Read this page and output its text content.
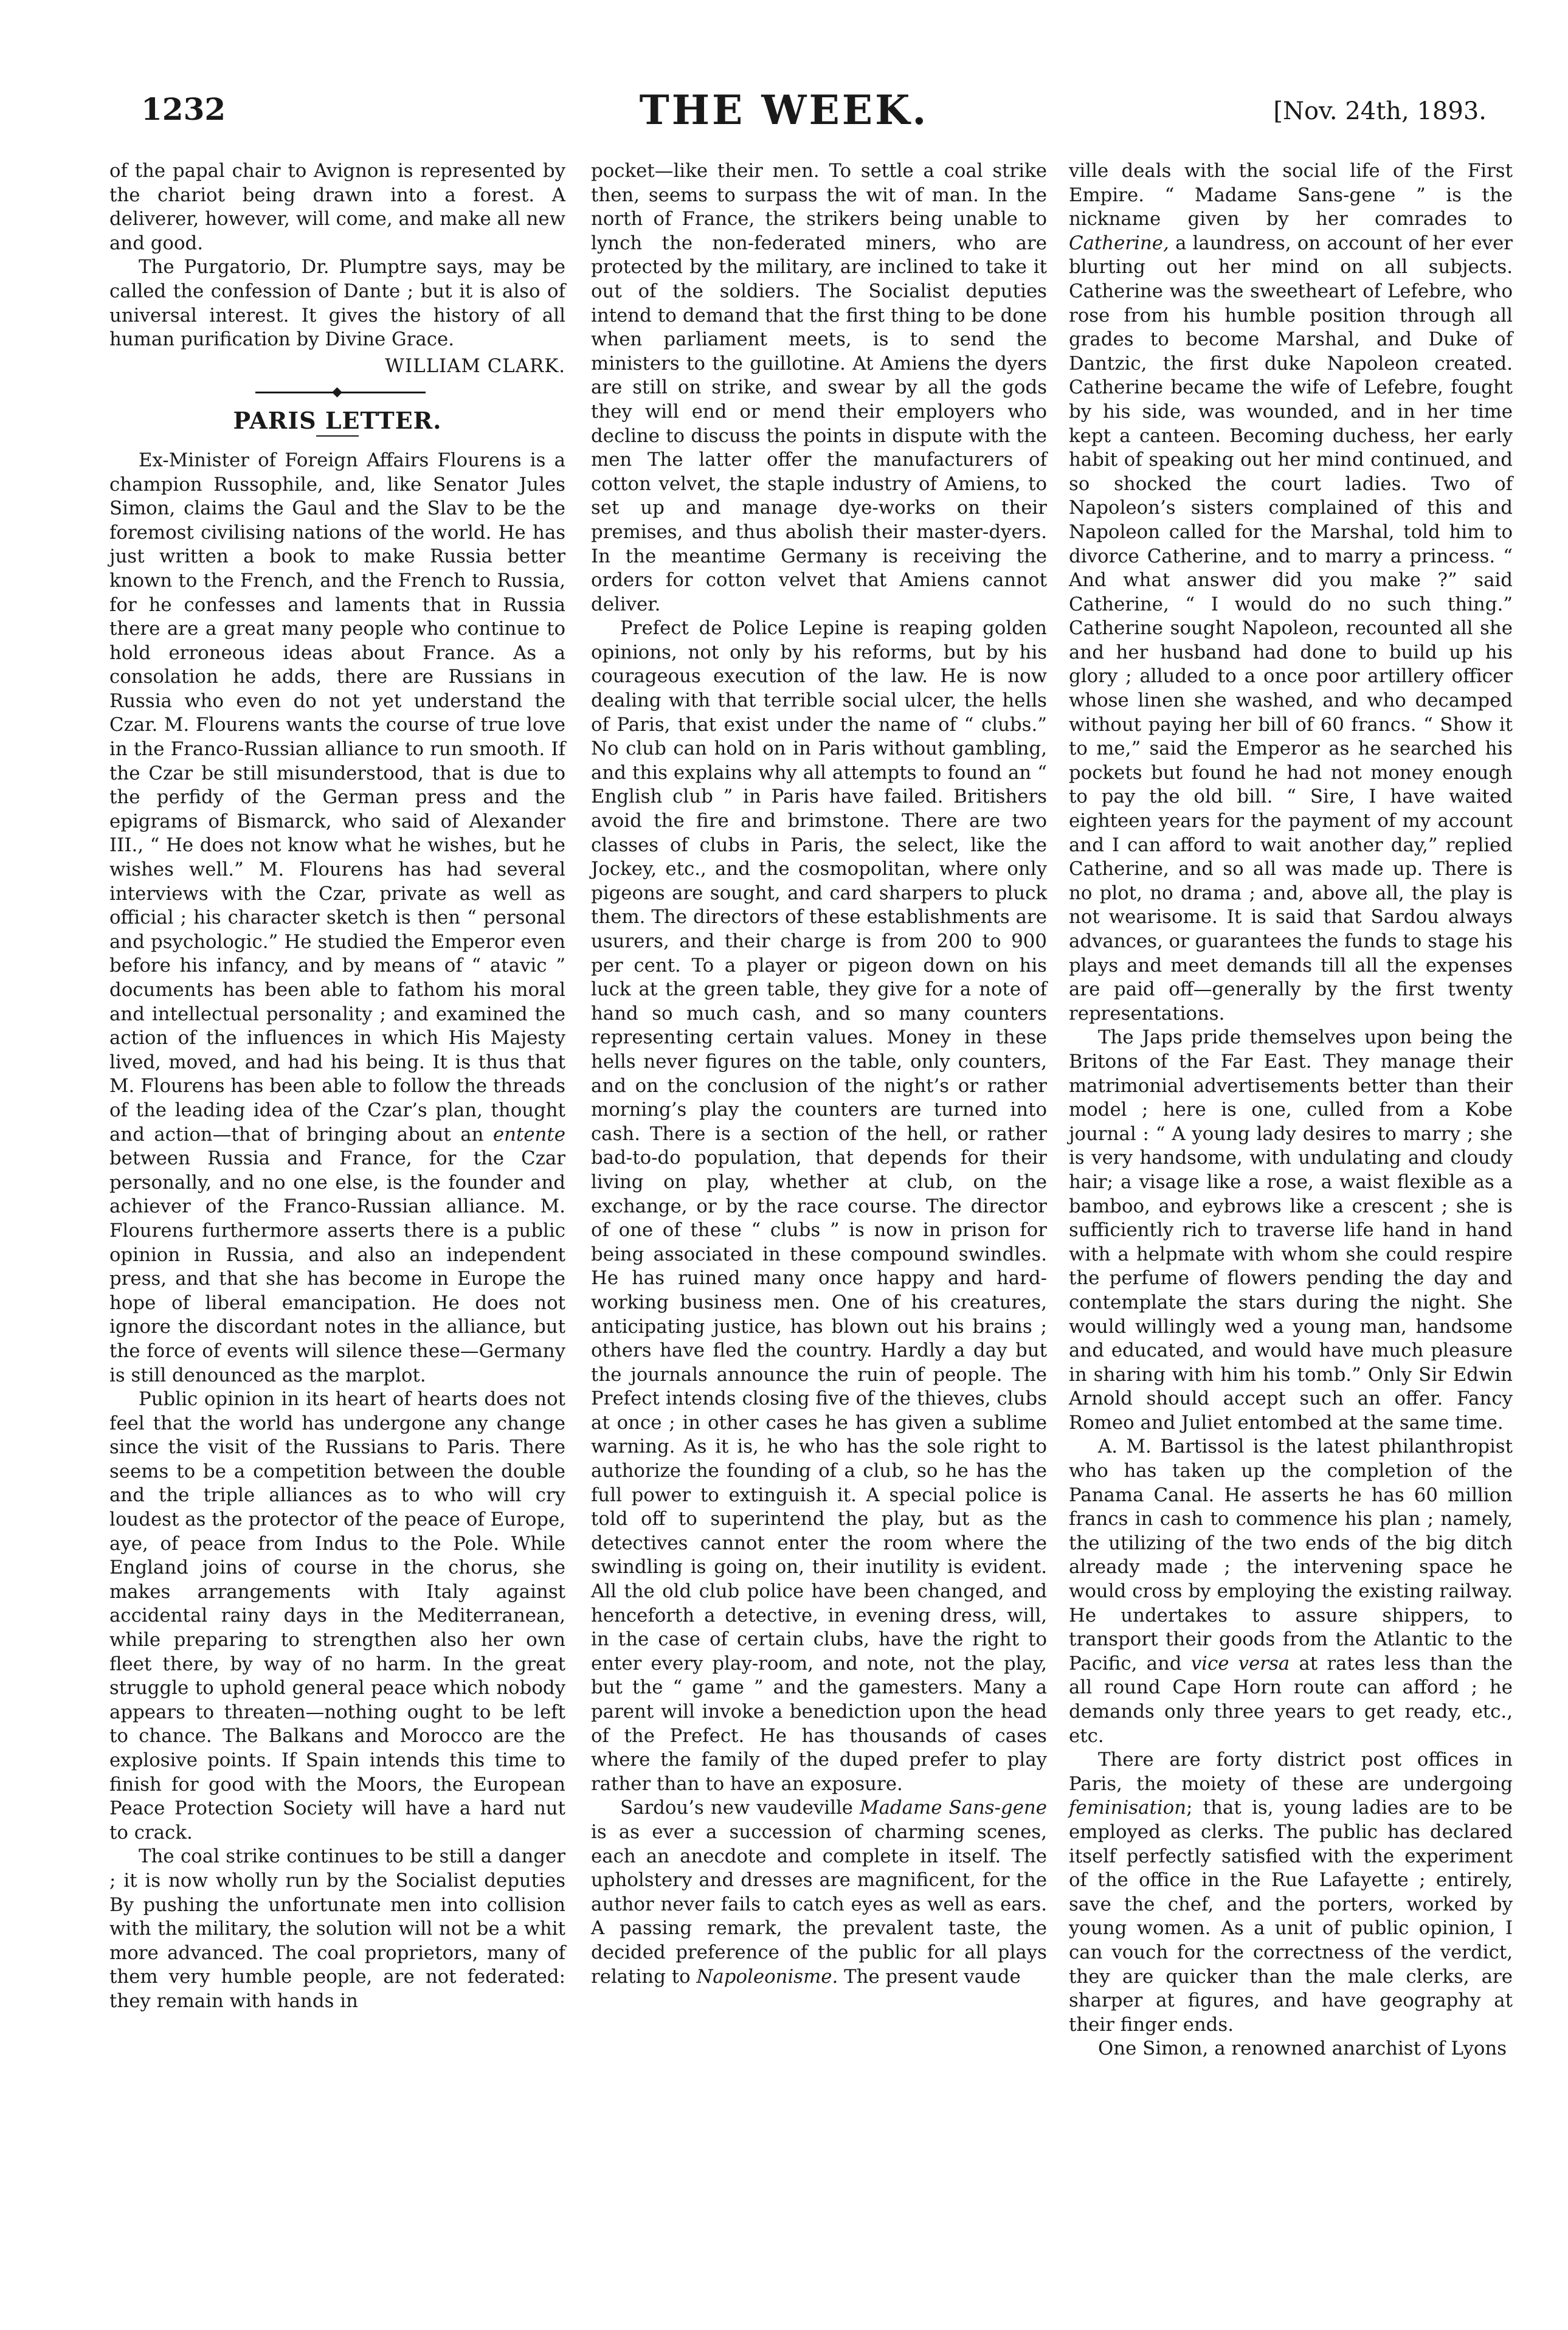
1232	THE WEEK.	[Nov. 24th, 1893.

of the papal chair to Avignon is represented by the chariot being drawn into a forest. A deliverer, however, will come, and make all new and good.

The Purgatorio, Dr. Plumptre says, may be called the confession of Dante ; but it is also of universal interest. It gives the history of all human purification by Divine Grace.

WILLIAM CLARK.

◆
PARIS LETTER.

Ex-Minister of Foreign Affairs Flourens is a champion Russophile, and, like Senator Jules Simon, claims the Gaul and the Slav to be the foremost civilising nations of the world. He has just written a book to make Russia better known to the French, and the French to Russia, for he confesses and laments that in Russia there are a great many people who continue to hold erroneous ideas about France. As a consolation he adds, there are Russians in Russia who even do not yet understand the Czar. M. Flourens wants the course of true love in the Franco-Russian alliance to run smooth. If the Czar be still misunderstood, that is due to the perfidy of the German press and the epigrams of Bismarck, who said of Alexander III., “ He does not know what he wishes, but he wishes well.” M. Flourens has had several interviews with the Czar, private as well as official ; his character sketch is then “ personal and psychologic.” He studied the Emperor even before his infancy, and by means of “ atavic ” documents has been able to fathom his moral and intellectual personality ; and examined the action of the influences in which His Majesty lived, moved, and had his being. It is thus that M. Flourens has been able to follow the threads of the leading idea of the Czar’s plan, thought and action—that of bringing about an entente between Russia and France, for the Czar personally, and no one else, is the founder and achiever of the Franco-Russian alliance. M. Flourens furthermore asserts there is a public opinion in Russia, and also an independent press, and that she has become in Europe the hope of liberal emancipation. He does not ignore the discordant notes in the alliance, but the force of events will silence these—Germany is still denounced as the marplot.

Public opinion in its heart of hearts does not feel that the world has undergone any change since the visit of the Russians to Paris. There seems to be a competition between the double and the triple alliances as to who will cry loudest as the protector of the peace of Europe, aye, of peace from Indus to the Pole. While England joins of course in the chorus, she makes arrangements with Italy against accidental rainy days in the Mediterranean, while preparing to strengthen also her own fleet there, by way of no harm. In the great struggle to uphold general peace which nobody appears to threaten—nothing ought to be left to chance. The Balkans and Morocco are the explosive points. If Spain intends this time to finish for good with the Moors, the European Peace Protection Society will have a hard nut to crack.

The coal strike continues to be still a danger ; it is now wholly run by the Socialist deputies By pushing the unfortunate men into collision with the military, the solution will not be a whit more advanced. The coal proprietors, many of them very humble people, are not federated: they remain with hands in

pocket—like their men. To settle a coal strike then, seems to surpass the wit of man. In the north of France, the strikers being unable to lynch the non-federated miners, who are protected by the military, are inclined to take it out of the soldiers. The Socialist deputies intend to demand that the first thing to be done when parliament meets, is to send the ministers to the guillotine. At Amiens the dyers are still on strike, and swear by all the gods they will end or mend their employers who decline to discuss the points in dispute with the men The latter offer the manufacturers of cotton velvet, the staple industry of Amiens, to set up and manage dye-works on their premises, and thus abolish their master-dyers. In the meantime Germany is receiving the orders for cotton velvet that Amiens cannot deliver.

Prefect de Police Lepine is reaping golden opinions, not only by his reforms, but by his courageous execution of the law. He is now dealing with that terrible social ulcer, the hells of Paris, that exist under the name of “ clubs.” No club can hold on in Paris without gambling, and this explains why all attempts to found an “ English club ” in Paris have failed. Britishers avoid the fire and brimstone. There are two classes of clubs in Paris, the select, like the Jockey, etc., and the cosmopolitan, where only pigeons are sought, and card sharpers to pluck them. The directors of these establishments are usurers, and their charge is from 200 to 900 per cent. To a player or pigeon down on his luck at the green table, they give for a note of hand so much cash, and so many counters representing certain values. Money in these hells never figures on the table, only counters, and on the conclusion of the night’s or rather morning’s play the counters are turned into cash. There is a section of the hell, or rather bad-to-do population, that depends for their living on play, whether at club, on the exchange, or by the race course. The director of one of these “ clubs ” is now in prison for being associated in these compound swindles. He has ruined many once happy and hard-working business men. One of his creatures, anticipating justice, has blown out his brains ; others have fled the country. Hardly a day but the journals announce the ruin of people. The Prefect intends closing five of the thieves, clubs at once ; in other cases he has given a sublime warning. As it is, he who has the sole right to authorize the founding of a club, so he has the full power to extinguish it. A special police is told off to superintend the play, but as the detectives cannot enter the room where the swindling is going on, their inutility is evident. All the old club police have been changed, and henceforth a detective, in evening dress, will, in the case of certain clubs, have the right to enter every play-room, and note, not the play, but the “ game ” and the gamesters. Many a parent will invoke a benediction upon the head of the Prefect. He has thousands of cases where the family of the duped prefer to play rather than to have an exposure.

Sardou’s new vaudeville Madame Sans-gene is as ever a succession of charming scenes, each an anecdote and complete in itself. The upholstery and dresses are magnificent, for the author never fails to catch eyes as well as ears. A passing remark, the prevalent taste, the decided preference of the public for all plays relating to Napoleonisme. The present vaude

ville deals with the social life of the First Empire. “ Madame Sans-gene ” is the nickname given by her comrades to Catherine, a laundress, on account of her ever blurting out her mind on all subjects. Catherine was the sweetheart of Lefebre, who rose from his humble position through all grades to become Marshal, and Duke of Dantzic, the first duke Napoleon created. Catherine became the wife of Lefebre, fought by his side, was wounded, and in her time kept a canteen. Becoming duchess, her early habit of speaking out her mind continued, and so shocked the court ladies. Two of Napoleon’s sisters complained of this and Napoleon called for the Marshal, told him to divorce Catherine, and to marry a princess. “ And what answer did you make ?” said Catherine, “ I would do no such thing.” Catherine sought Napoleon, recounted all she and her husband had done to build up his glory ; alluded to a once poor artillery officer whose linen she washed, and who decamped without paying her bill of 60 francs. “ Show it to me,” said the Emperor as he searched his pockets but found he had not money enough to pay the old bill. “ Sire, I have waited eighteen years for the payment of my account and I can afford to wait another day,” replied Catherine, and so all was made up. There is no plot, no drama ; and, above all, the play is not wearisome. It is said that Sardou always advances, or guarantees the funds to stage his plays and meet demands till all the expenses are paid off—generally by the first twenty representations.

The Japs pride themselves upon being the Britons of the Far East. They manage their matrimonial advertisements better than their model ; here is one, culled from a Kobe journal : “ A young lady desires to marry ; she is very handsome, with undulating and cloudy hair; a visage like a rose, a waist flexible as a bamboo, and eybrows like a crescent ; she is sufficiently rich to traverse life hand in hand with a helpmate with whom she could respire the perfume of flowers pending the day and contemplate the stars during the night. She would willingly wed a young man, handsome and educated, and would have much pleasure in sharing with him his tomb.” Only Sir Edwin Arnold should accept such an offer. Fancy Romeo and Juliet entombed at the same time.

A. M. Bartissol is the latest philanthropist who has taken up the completion of the Panama Canal. He asserts he has 60 million francs in cash to commence his plan ; namely, the utilizing of the two ends of the big ditch already made ; the intervening space he would cross by employing the existing railway. He undertakes to assure shippers, to transport their goods from the Atlantic to the Pacific, and vice versa at rates less than the all round Cape Horn route can afford ; he demands only three years to get ready, etc., etc.

There are forty district post offices in Paris, the moiety of these are undergoing feminisation; that is, young ladies are to be employed as clerks. The public has declared itself perfectly satisfied with the experiment of the office in the Rue Lafayette ; entirely, save the chef, and the porters, worked by young women. As a unit of public opinion, I can vouch for the correctness of the verdict, they are quicker than the male clerks, are sharper at figures, and have geography at their finger ends.

One Simon, a renowned anarchist of Lyons
